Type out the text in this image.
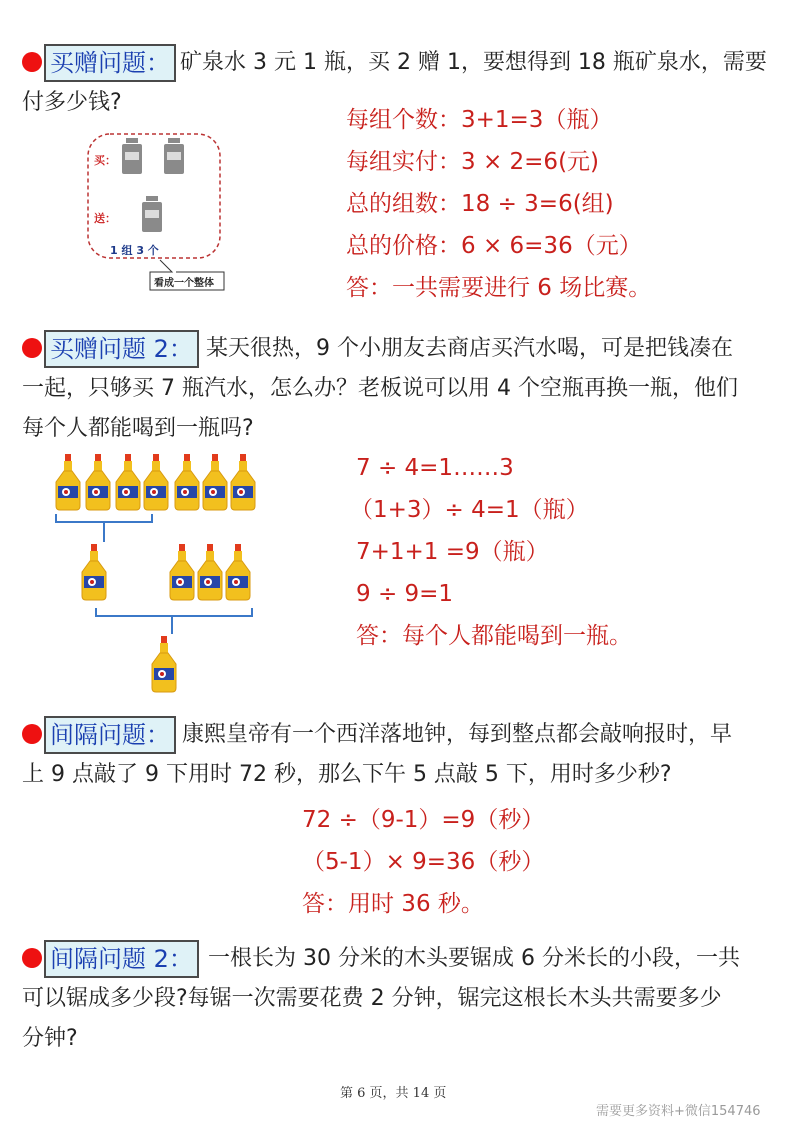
买赠问题： 矿泉水 3 元 1 瓶，买 2 赠 1，要想得到 18 瓶矿泉水，需要
付多少钱?
买：
送：
1 组 3 个
看成一个整体
每组个数：3+1=3（瓶）
每组实付：3 × 2=6(元)
总的组数：18 ÷ 3=6(组)
总的价格：6 × 6=36（元）
答：一共需要进行 6 场比赛。
买赠问题 2： 某天很热，9 个小朋友去商店买汽水喝，可是把钱凑在
一起，只够买 7 瓶汽水，怎么办？老板说可以用 4 个空瓶再换一瓶，他们
每个人都能喝到一瓶吗?
7 ÷ 4=1……3
（1+3）÷ 4=1（瓶）
7+1+1 =9（瓶）
9 ÷ 9=1
答：每个人都能喝到一瓶。
间隔问题： 康熙皇帝有一个西洋落地钟，每到整点都会敲响报时，早
上 9 点敲了 9 下用时 72 秒，那么下午 5 点敲 5 下，用时多少秒?
72 ÷（9-1）=9（秒）
（5-1）× 9=36（秒）
答：用时 36 秒。
间隔问题 2： 一根长为 30 分米的木头要锯成 6 分米长的小段，一共
可以锯成多少段?每锯一次需要花费 2 分钟，锯完这根长木头共需要多少
分钟?
第 6 页，共 14 页
需要更多资料+微信154746
